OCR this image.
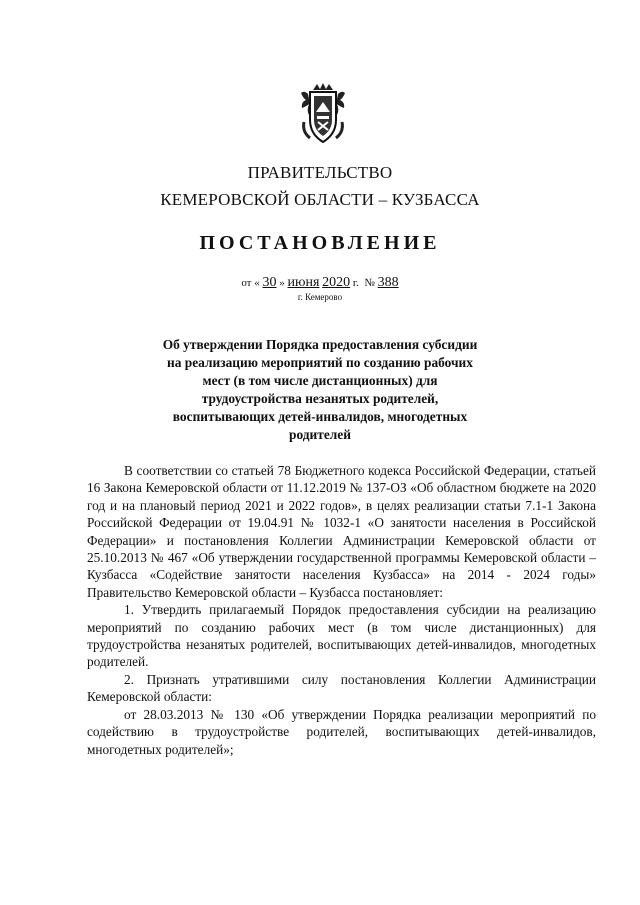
ПРАВИТЕЛЬСТВО
КЕМЕРОВСКОЙ ОБЛАСТИ – КУЗБАССА
ПОСТАНОВЛЕНИЕ
от « 30 » июня 2020 г. № 388
г. Кемерово
Об утверждении Порядка предоставления субсидии на реализацию мероприятий по созданию рабочих мест (в том числе дистанционных) для трудоустройства незанятых родителей, воспитывающих детей-инвалидов, многодетных родителей

В соответствии со статьей 78 Бюджетного кодекса Российской Федерации, статьей 16 Закона Кемеровской области от 11.12.2019 № 137-ОЗ «Об областном бюджете на 2020 год и на плановый период 2021 и 2022 годов», в целях реализации статьи 7.1-1 Закона Российской Федерации от 19.04.91 № 1032-1 «О занятости населения в Российской Федерации» и постановления Коллегии Администрации Кемеровской области от 25.10.2013 № 467 «Об утверждении государственной программы Кемеровской области – Кузбасса «Содействие занятости населения Кузбасса» на 2014 - 2024 годы» Правительство Кемеровской области – Кузбасса постановляет:

1. Утвердить прилагаемый Порядок предоставления субсидии на реализацию мероприятий по созданию рабочих мест (в том числе дистанционных) для трудоустройства незанятых родителей, воспитывающих детей-инвалидов, многодетных родителей.

2. Признать утратившими силу постановления Коллегии Администрации Кемеровской области:

от 28.03.2013 № 130 «Об утверждении Порядка реализации мероприятий по содействию в трудоустройстве родителей, воспитывающих детей-инвалидов, многодетных родителей»;
